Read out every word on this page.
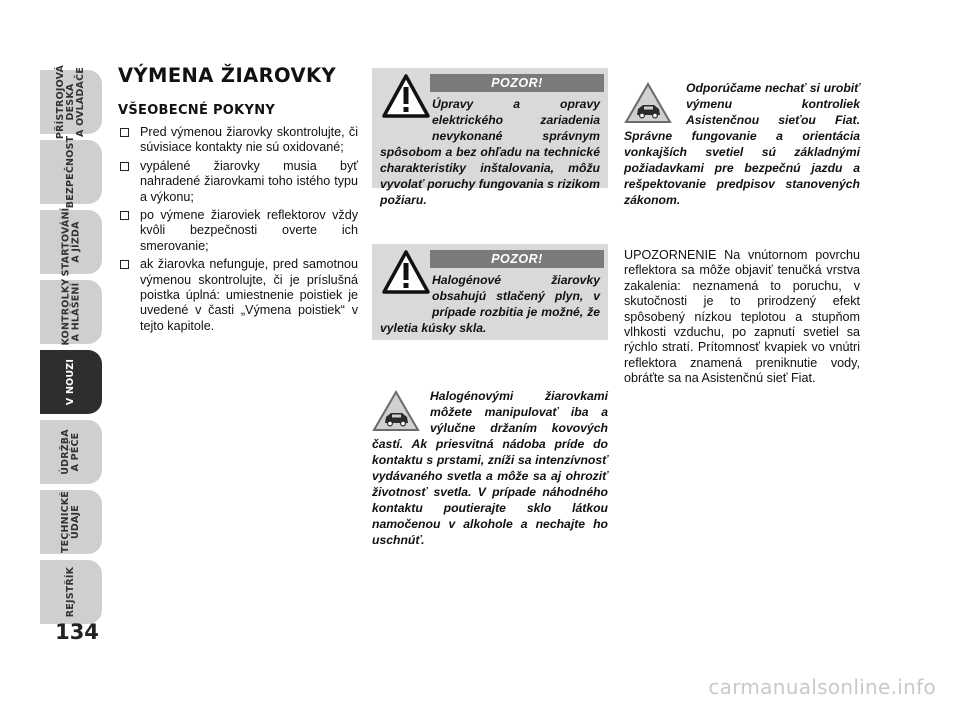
PŘÍSTROJOVÁ
DESKA
A OVLADAČE
BEZPEČNOST
STARTOVÁNÍ
A JÍZDA
KONTROLKY
A HLÁŠENÍ
V NOUZI
ÚDRŽBA
A PÉČE
TECHNICKÉ
ÚDAJE
REJSTŘÍK
134
VÝMENA ŽIAROVKY
VŠEOBECNÉ POKYNY
Pred výmenou žiarovky skontrolujte, či súvisiace kontakty nie sú oxidované;
vypálené žiarovky musia byť nahradené žiarovkami toho istého typu a výkonu;
po výmene žiaroviek reflektorov vždy kvôli bezpečnosti overte ich smerovanie;
ak žiarovka nefunguje, pred samotnou výmenou skontrolujte, či je príslušná poistka úplná: umiestnenie poistiek je uvedené v časti „Výmena poistiek“ v tejto kapitole.
POZOR!
Úpravy a opravy elektrického zariadenia nevykonané správnym spôsobom a bez ohľadu na technické charakteristiky inštalovania, môžu vyvolať poruchy fungovania s rizikom požiaru.
POZOR!
Halogénové žiarovky obsahujú stlačený plyn, v prípade rozbitia je možné, že vyletia kúsky skla.
Halogénovými žiarovkami môžete manipulovať iba a výlučne držaním kovových častí. Ak priesvitná nádoba príde do kontaktu s prstami, zníži sa intenzívnosť vydávaného svetla a môže sa aj ohroziť životnosť svetla. V prípade náhodného kontaktu poutierajte sklo látkou namočenou v alkohole a nechajte ho uschnúť.
Odporúčame nechať si urobiť výmenu kontroliek Asistenčnou sieťou Fiat. Správne fungovanie a orientácia vonkajších svetiel sú základnými požiadavkami pre bezpečnú jazdu a rešpektovanie predpisov stanovených zákonom.
UPOZORNENIE Na vnútornom povrchu reflektora sa môže objaviť tenučká vrstva zakalenia: neznamená to poruchu, v skutočnosti je to prirodzený efekt spôsobený nízkou teplotou a stupňom vlhkosti vzduchu, po zapnutí svetiel sa rýchlo stratí. Prítomnosť kvapiek vo vnútri reflektora znamená preniknutie vody, obráťte sa na Asistenčnú sieť Fiat.
carmanualsonline.info
